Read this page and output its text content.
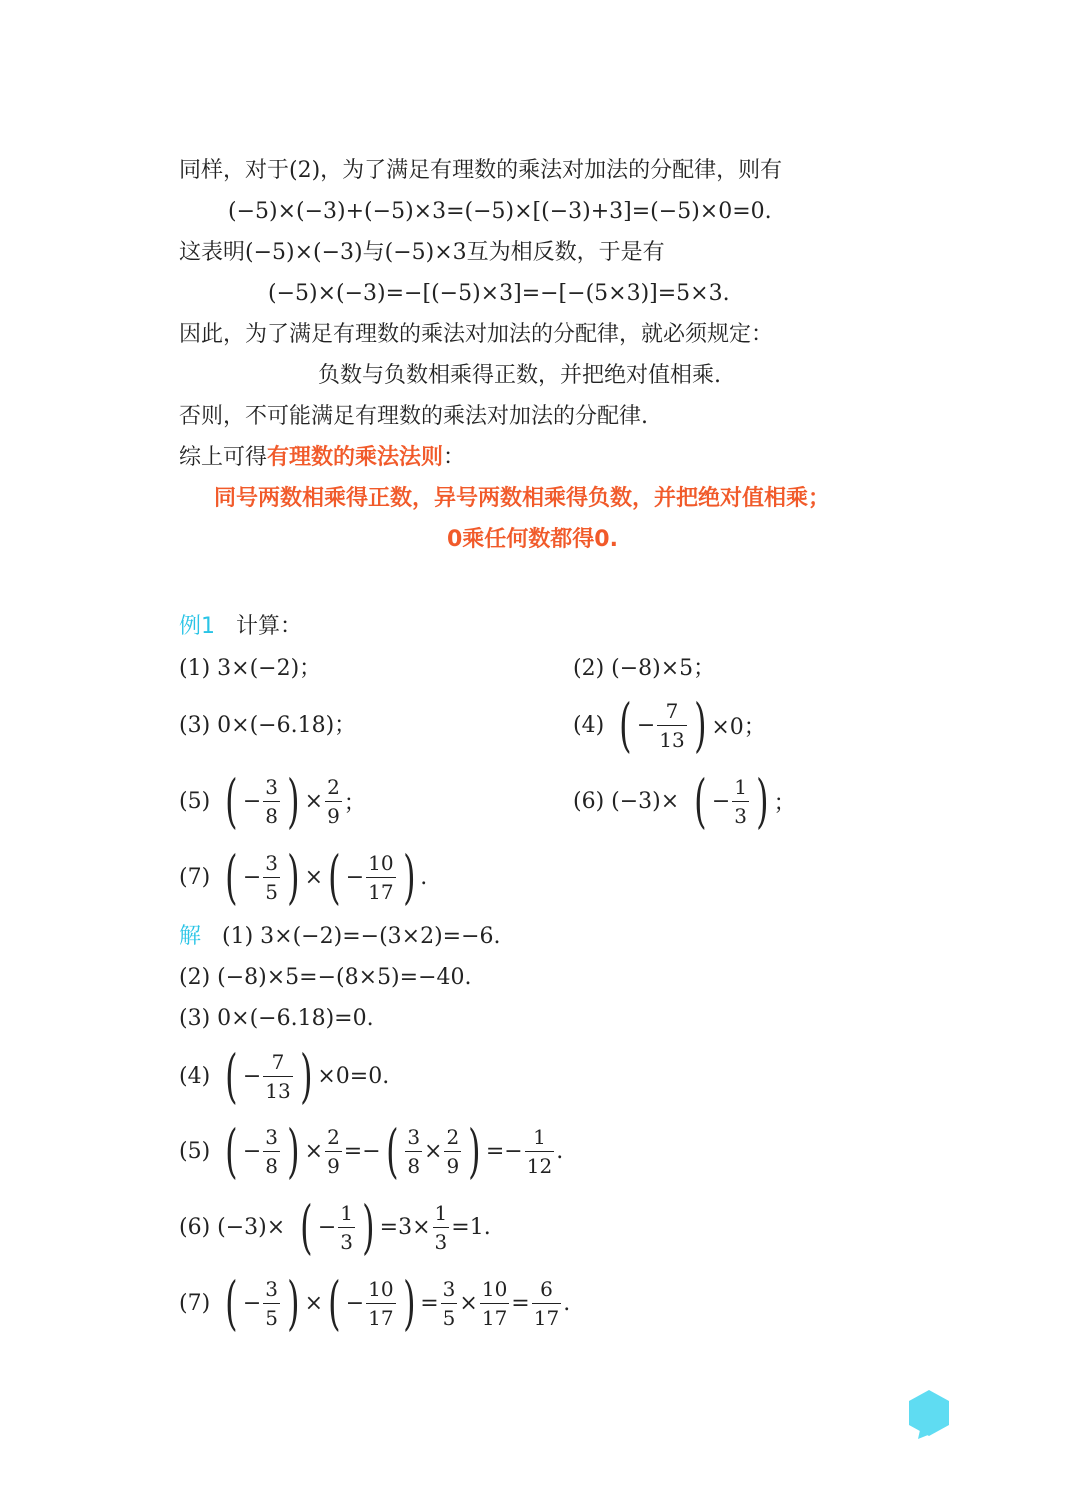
同样，对于(2)，为了满足有理数的乘法对加法的分配律，则有
(−5)×(−3)+(−5)×3=(−5)×[(−3)+3]=(−5)×0=0.
这表明(−5)×(−3)与(−5)×3互为相反数，于是有
(−5)×(−3)=−[(−5)×3]=−[−(5×3)]=5×3.
因此，为了满足有理数的乘法对加法的分配律，就必须规定：
负数与负数相乘得正数，并把绝对值相乘.
否则，不可能满足有理数的乘法对加法的分配律.
综上可得有理数的乘法法则：
同号两数相乘得正数，异号两数相乘得负数，并把绝对值相乘；
0乘任何数都得0.
例1 计算：
(1) 3×(−2)；	(2) (−8)×5；
(3) 0×(−6.18)；	(4) ( − $\frac{7}{13}$ ) ×0；
(5) ( − $\frac{3}{8}$ ) × $\frac{2}{9}$ ；	(6) (−3)× ( − $\frac{1}{3}$ ) ；
(7) ( − $\frac{3}{5}$ ) × ( − $\frac{10}{17}$ ) .
解 (1) 3×(−2)=−(3×2)=−6.
(2) (−8)×5=−(8×5)=−40.
(3) 0×(−6.18)=0.
(4) ( − $\frac{7}{13}$ ) ×0=0.
(5) ( − $\frac{3}{8}$ ) × $\frac{2}{9}$ = − ( $\frac{3}{8} \times \frac{2}{9}$ ) = − $\frac{1}{12}$ .
(6) (−3)× ( − $\frac{1}{3}$ ) = $3 \times \frac{1}{3} = 1$ .
(7) ( − $\frac{3}{5}$ ) × ( − $\frac{10}{17}$ ) = $\frac{3}{5} \times \frac{10}{17} = \frac{6}{17}$ .
